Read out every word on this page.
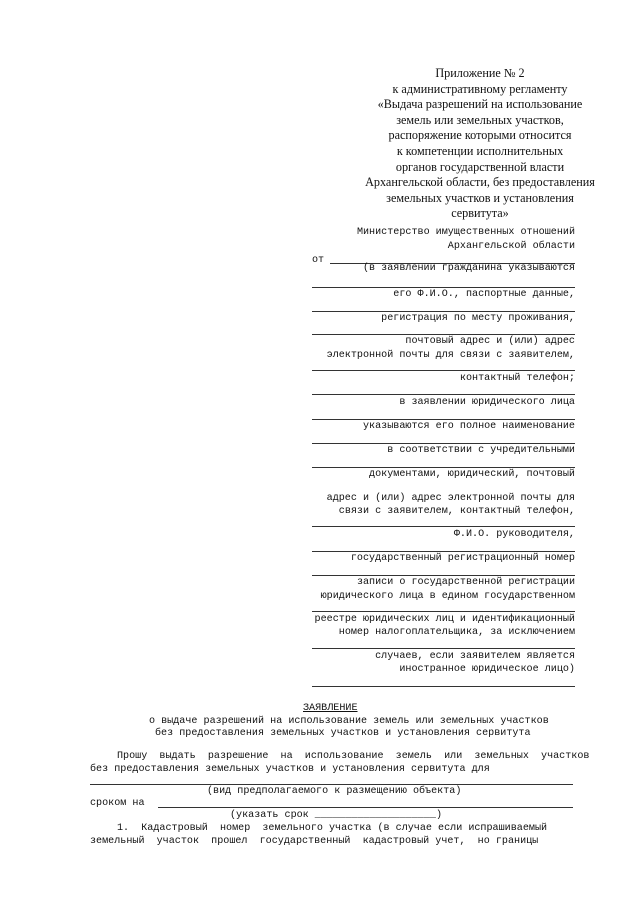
Приложение № 2
к административному регламенту
«Выдача разрешений на использование
земель или земельных участков,
распоряжение которыми относится
к компетенции исполнительных
органов государственной власти
Архангельской области, без предоставления
земельных участков и установления
сервитута»
Министерство имущественных отношений
Архангельской области
от
(в заявлении гражданина указываются
его Ф.И.О., паспортные данные,
регистрация по месту проживания,
почтовый адрес и (или) адрес
электронной почты для связи с заявителем,
контактный телефон;
в заявлении юридического лица
указываются его полное наименование
в соответствии с учредительными
документами, юридический, почтовый
адрес и (или) адрес электронной почты для
связи с заявителем, контактный телефон,
Ф.И.О. руководителя,
государственный регистрационный номер
записи о государственной регистрации
юридического лица в едином государственном
реестре юридических лиц и идентификационный
номер налогоплательщика, за исключением
случаев, если заявителем является
иностранное юридическое лицо)
ЗАЯВЛЕНИЕ
о выдаче разрешений на использование земель или земельных участков
без предоставления земельных участков и установления сервитута
Прошу  выдать  разрешение  на  использование  земель  или  земельных  участков
без предоставления земельных участков и установления сервитута для
(вид предполагаемого к размещению объекта)
сроком на
(указать срок ____________________)
1.  Кадастровый  номер  земельного участка (в случае если испрашиваемый
земельный  участок  прошел  государственный  кадастровый учет,  но границы
